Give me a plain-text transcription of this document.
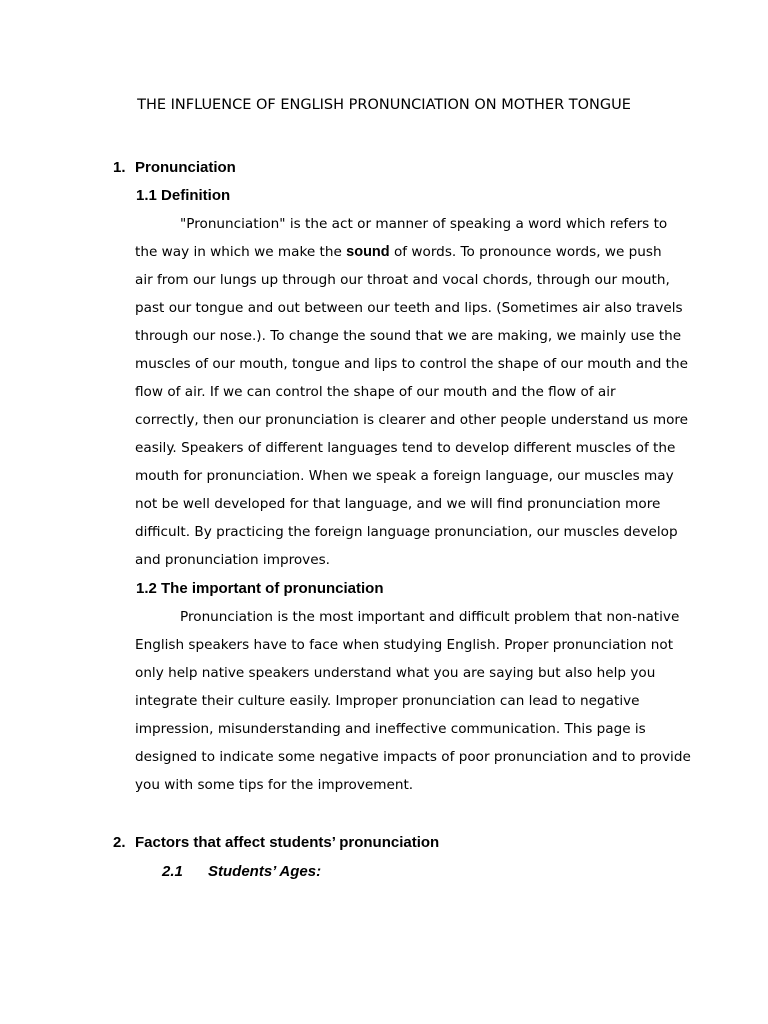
THE INFLUENCE OF ENGLISH PRONUNCIATION ON MOTHER TONGUE
1. Pronunciation
1.1 Definition
"Pronunciation" is the act or manner of speaking a word which refers to
the way in which we make the sound of words. To pronounce words, we push
air from our lungs up through our throat and vocal chords, through our mouth,
past our tongue and out between our teeth and lips. (Sometimes air also travels
through our nose.). To change the sound that we are making, we mainly use the
muscles of our mouth, tongue and lips to control the shape of our mouth and the
flow of air. If we can control the shape of our mouth and the flow of air
correctly, then our pronunciation is clearer and other people understand us more
easily. Speakers of different languages tend to develop different muscles of the
mouth for pronunciation. When we speak a foreign language, our muscles may
not be well developed for that language, and we will find pronunciation more
difficult. By practicing the foreign language pronunciation, our muscles develop
and pronunciation improves.
1.2 The important of pronunciation
Pronunciation is the most important and difficult problem that non-native
English speakers have to face when studying English. Proper pronunciation not
only help native speakers understand what you are saying but also help you
integrate their culture easily. Improper pronunciation can lead to negative
impression, misunderstanding and ineffective communication. This page is
designed to indicate some negative impacts of poor pronunciation and to provide
you with some tips for the improvement.
2. Factors that affect students’ pronunciation
2.1 Students’ Ages:
